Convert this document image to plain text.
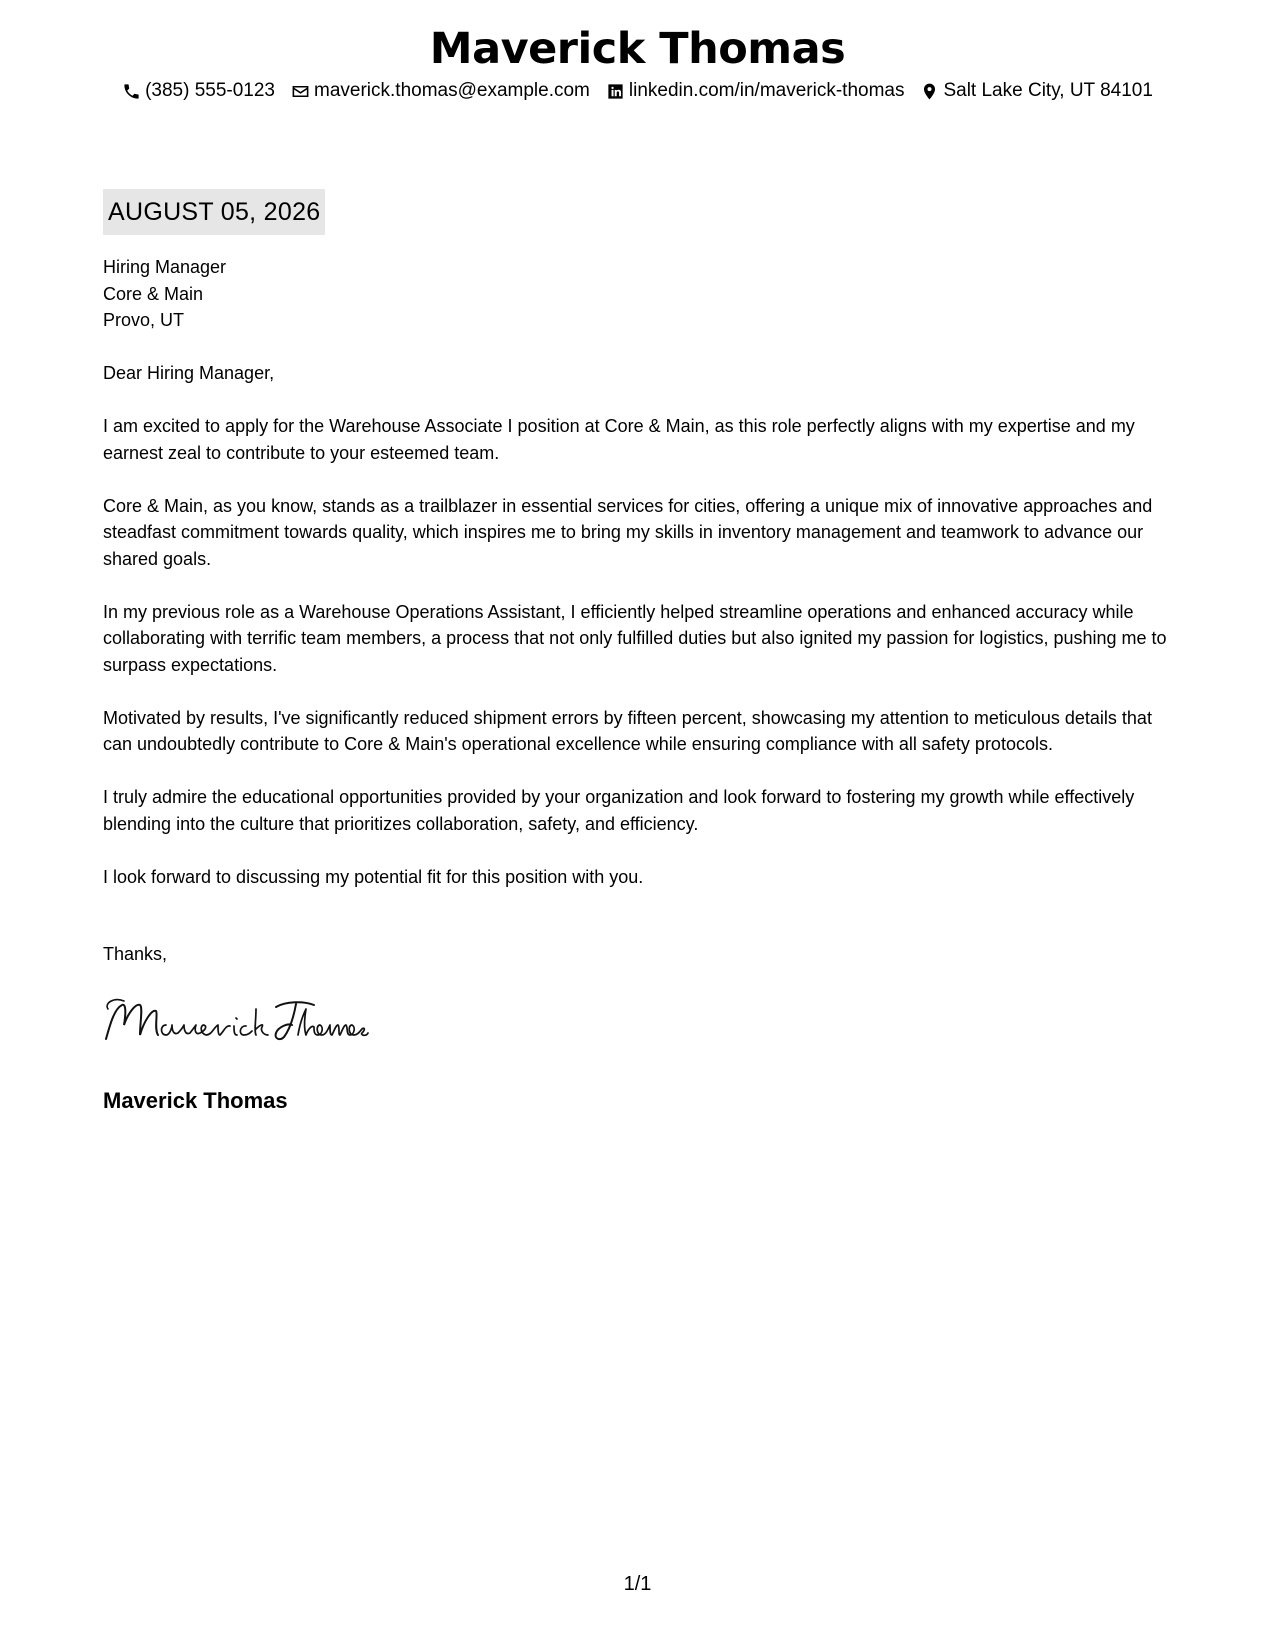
Maverick Thomas
(385) 555-0123 maverick.thomas@example.com linkedin.com/in/maverick-thomas Salt Lake City, UT 84101
AUGUST 05, 2026

Hiring Manager
Core & Main
Provo, UT

Dear Hiring Manager,

I am excited to apply for the Warehouse Associate I position at Core & Main, as this role perfectly aligns with my expertise and my earnest zeal to contribute to your esteemed team.

Core & Main, as you know, stands as a trailblazer in essential services for cities, offering a unique mix of innovative approaches and steadfast commitment towards quality, which inspires me to bring my skills in inventory management and teamwork to advance our shared goals.

In my previous role as a Warehouse Operations Assistant, I efficiently helped streamline operations and enhanced accuracy while collaborating with terrific team members, a process that not only fulfilled duties but also ignited my passion for logistics, pushing me to surpass expectations.

Motivated by results, I've significantly reduced shipment errors by fifteen percent, showcasing my attention to meticulous details that can undoubtedly contribute to Core & Main's operational excellence while ensuring compliance with all safety protocols.

I truly admire the educational opportunities provided by your organization and look forward to fostering my growth while effectively blending into the culture that prioritizes collaboration, safety, and efficiency.

I look forward to discussing my potential fit for this position with you.

Thanks,

Maverick Thomas
1/1
